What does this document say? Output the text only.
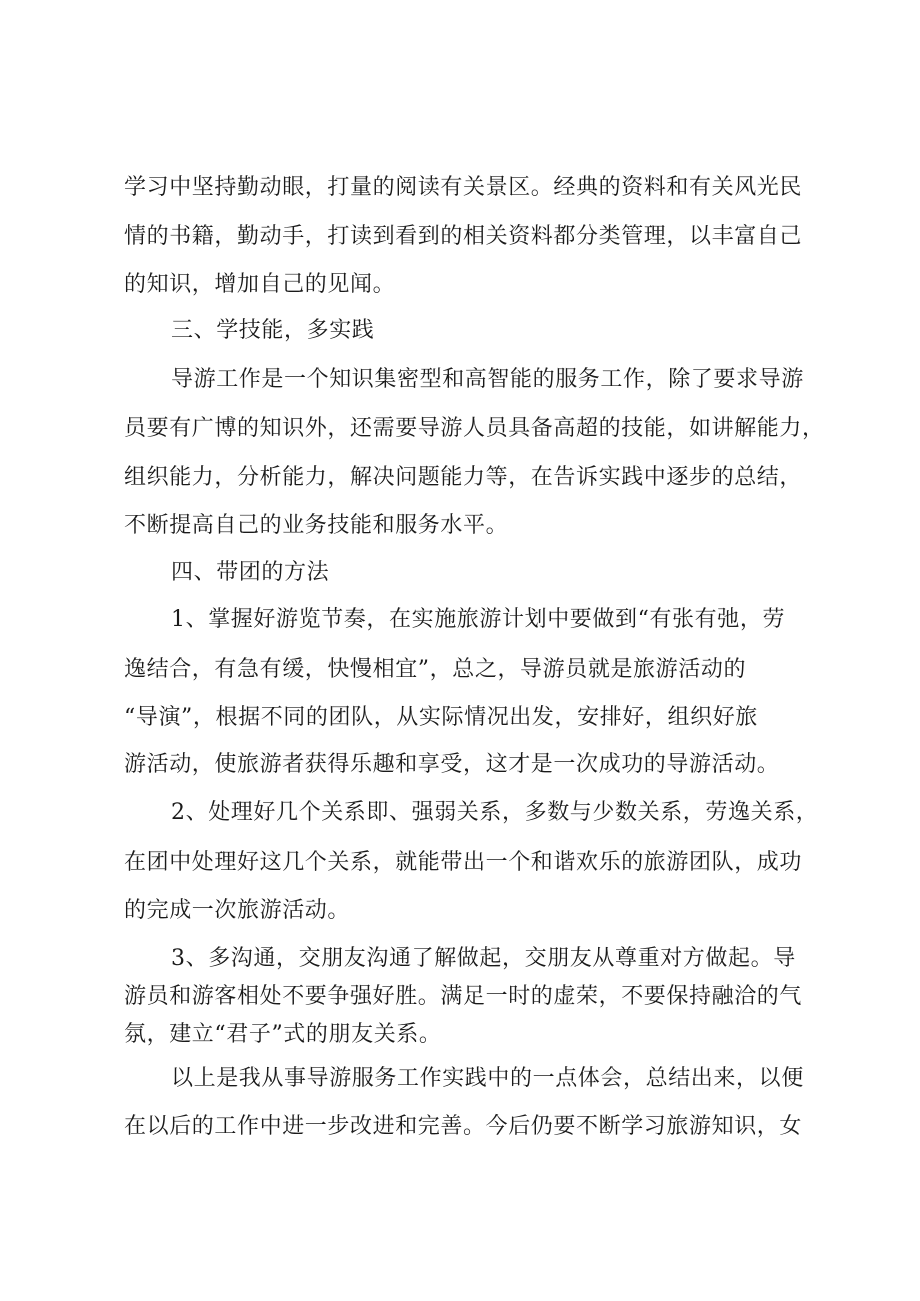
学习中坚持勤动眼，打量的阅读有关景区。经典的资料和有关风光民
情的书籍，勤动手，打读到看到的相关资料都分类管理，以丰富自己
的知识，增加自己的见闻。
三、学技能，多实践
导游工作是一个知识集密型和高智能的服务工作，除了要求导游
员要有广博的知识外，还需要导游人员具备高超的技能，如讲解能力，
组织能力，分析能力，解决问题能力等，在告诉实践中逐步的总结，
不断提高自己的业务技能和服务水平。
四、带团的方法
1、掌握好游览节奏，在实施旅游计划中要做到“有张有弛，劳
逸结合，有急有缓，快慢相宜”，总之，导游员就是旅游活动的
“导演”，根据不同的团队，从实际情况出发，安排好，组织好旅
游活动，使旅游者获得乐趣和享受，这才是一次成功的导游活动。
2、处理好几个关系即、强弱关系，多数与少数关系，劳逸关系，
在团中处理好这几个关系，就能带出一个和谐欢乐的旅游团队，成功
的完成一次旅游活动。
3、多沟通，交朋友沟通了解做起，交朋友从尊重对方做起。导
游员和游客相处不要争强好胜。满足一时的虚荣，不要保持融洽的气
氛，建立“君子”式的朋友关系。
以上是我从事导游服务工作实践中的一点体会，总结出来，以便
在以后的工作中进一步改进和完善。今后仍要不断学习旅游知识，女
